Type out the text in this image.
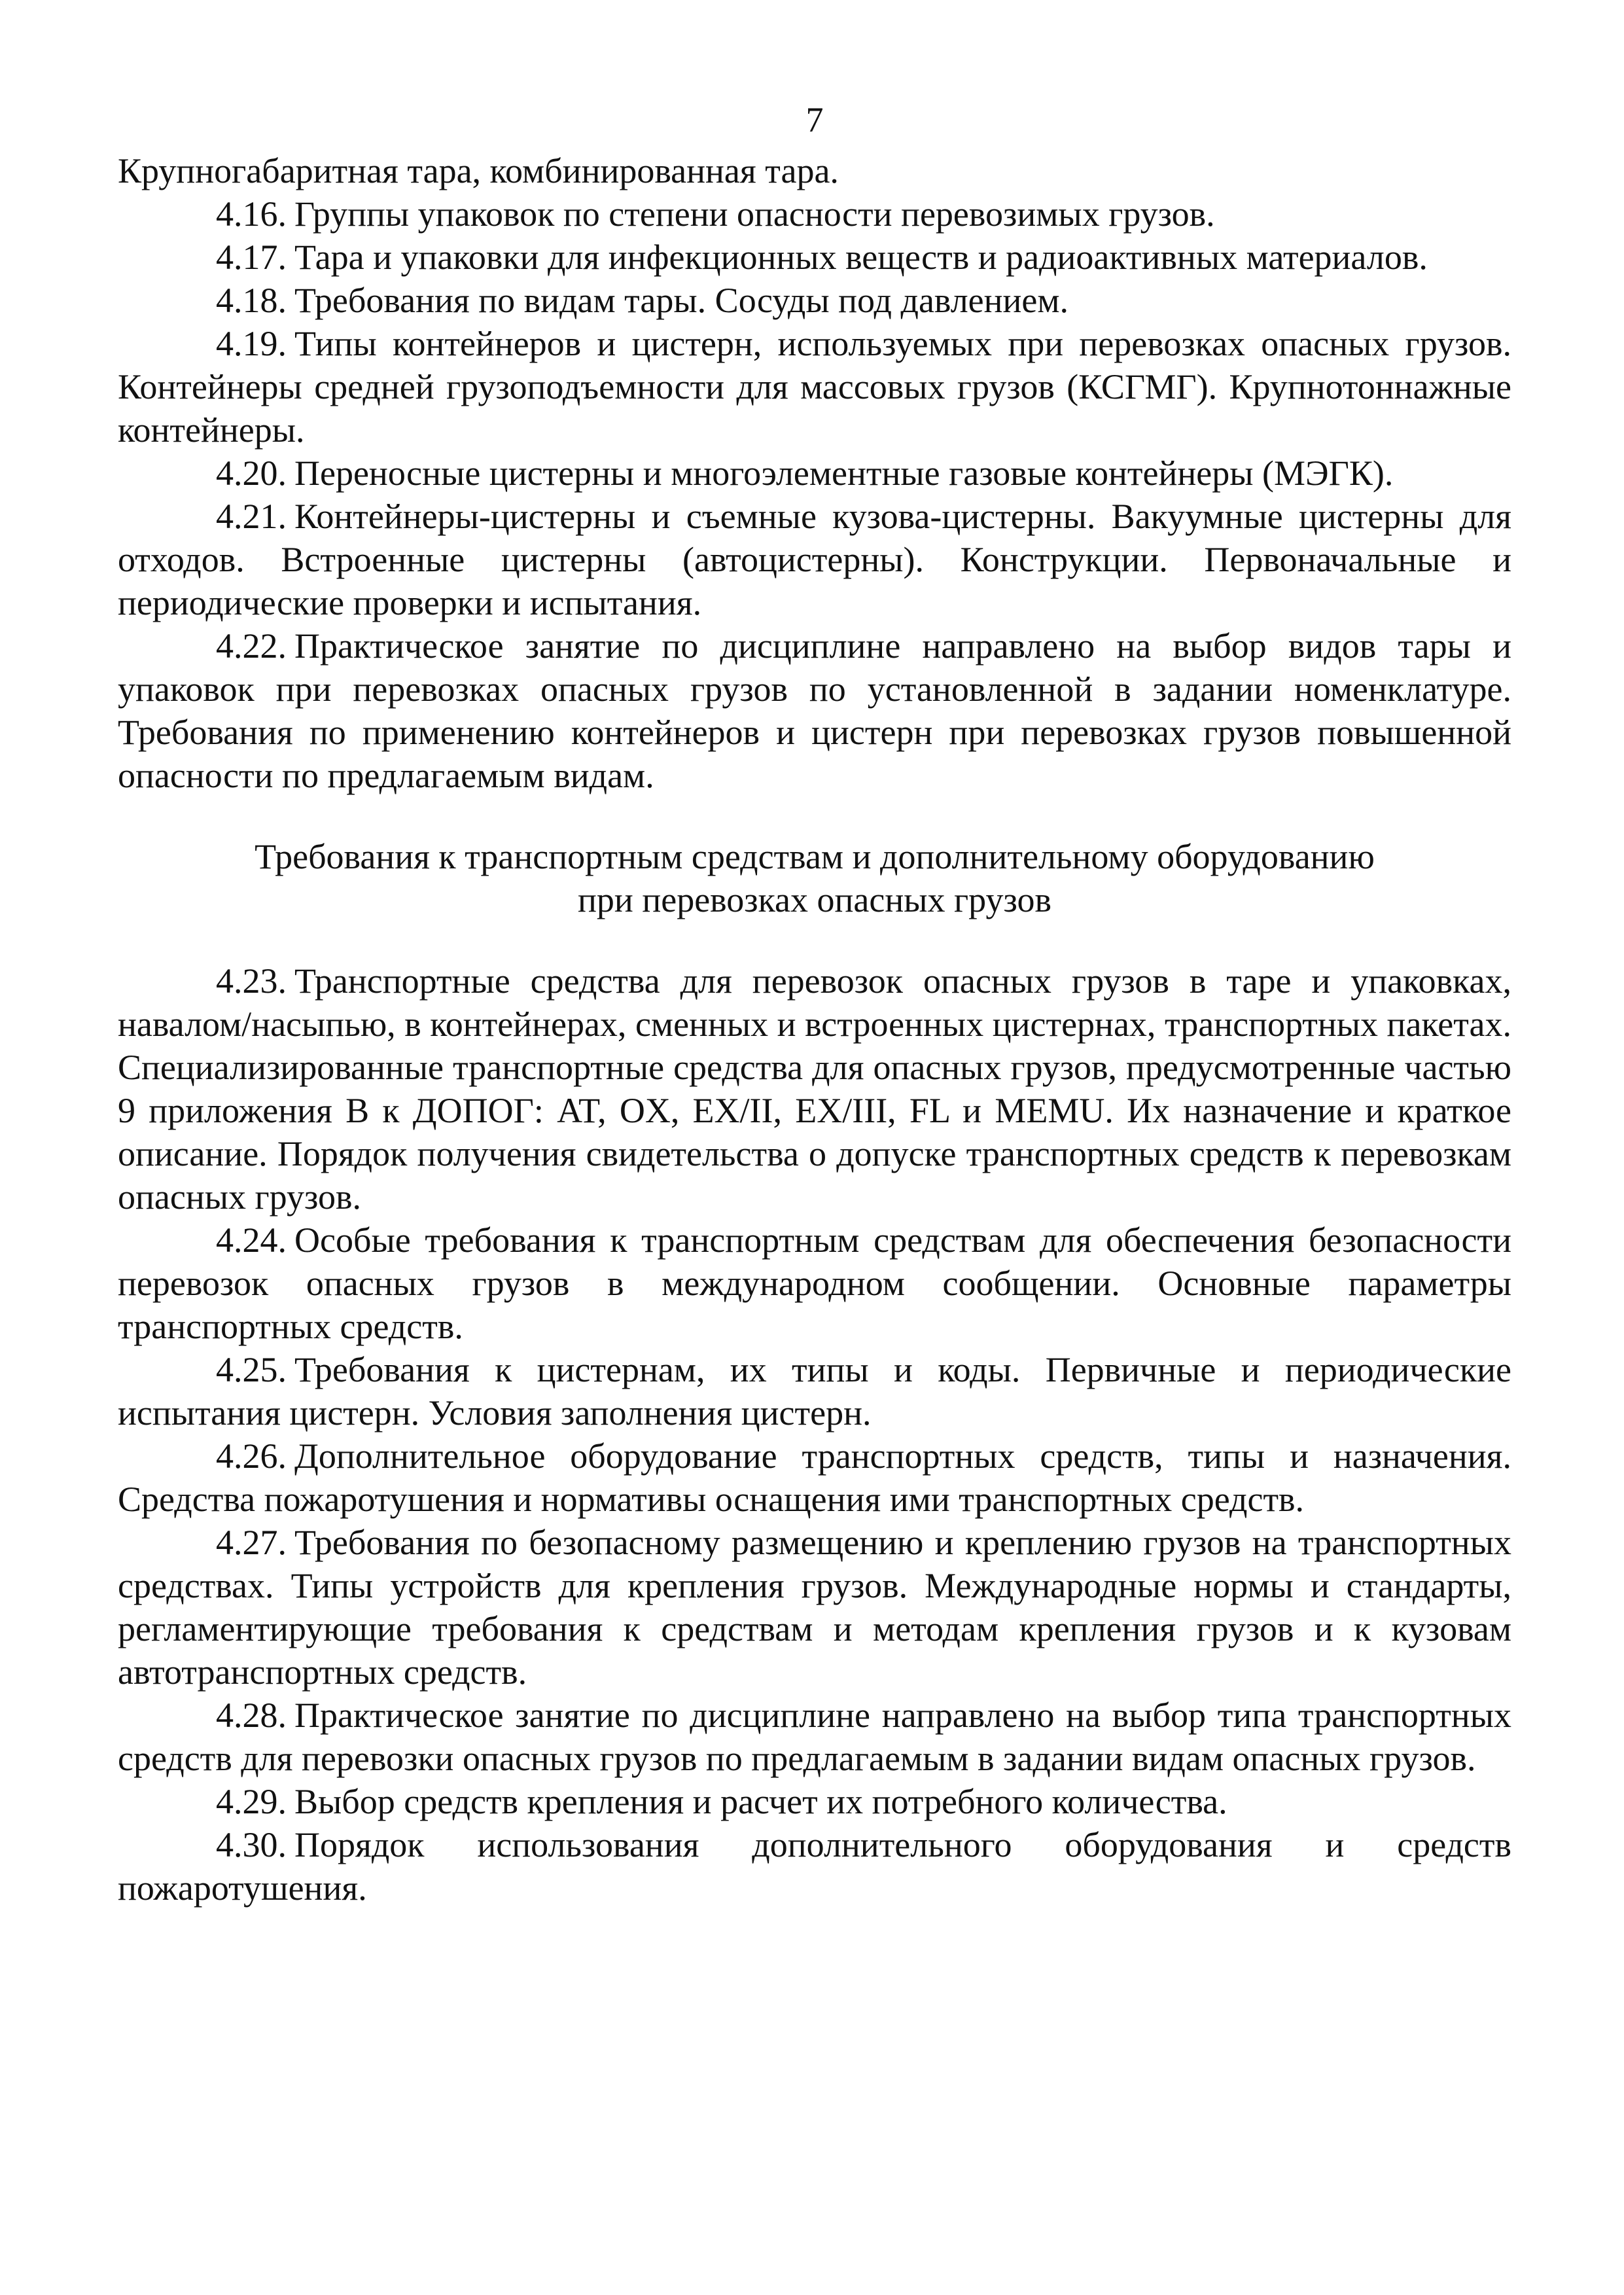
7

Крупногабаритная тара, комбинированная тара.

4.16. Группы упаковок по степени опасности перевозимых грузов.

4.17. Тара и упаковки для инфекционных веществ и радиоактивных материалов.

4.18. Требования по видам тары. Сосуды под давлением.

4.19. Типы контейнеров и цистерн, используемых при перевозках опасных грузов. Контейнеры средней грузоподъемности для массовых грузов (КСГМГ). Крупнотоннажные контейнеры.

4.20. Переносные цистерны и многоэлементные газовые контейнеры (МЭГК).

4.21. Контейнеры-цистерны и съемные кузова-цистерны. Вакуумные цистерны для отходов. Встроенные цистерны (автоцистерны). Конструкции. Первоначальные и периодические проверки и испытания.

4.22. Практическое занятие по дисциплине направлено на выбор видов тары и упаковок при перевозках опасных грузов по установленной в задании номенклатуре. Требования по применению контейнеров и цистерн при перевозках грузов повышенной опасности по предлагаемым видам.

Требования к транспортным средствам и дополнительному оборудованию
при перевозках опасных грузов

4.23. Транспортные средства для перевозок опасных грузов в таре и упаковках, навалом/насыпью, в контейнерах, сменных и встроенных цистернах, транспортных пакетах. Специализированные транспортные средства для опасных грузов, предусмотренные частью 9 приложения В к ДОПОГ: AT, OX, EX/II, EX/III, FL и MEMU. Их назначение и краткое описание. Порядок получения свидетельства о допуске транспортных средств к перевозкам опасных грузов.

4.24. Особые требования к транспортным средствам для обеспечения безопасности перевозок опасных грузов в международном сообщении. Основные параметры транспортных средств.

4.25. Требования к цистернам, их типы и коды. Первичные и периодические испытания цистерн. Условия заполнения цистерн.

4.26. Дополнительное оборудование транспортных средств, типы и назначения. Средства пожаротушения и нормативы оснащения ими транспортных средств.

4.27. Требования по безопасному размещению и креплению грузов на транспортных средствах. Типы устройств для крепления грузов. Международные нормы и стандарты, регламентирующие требования к средствам и методам крепления грузов и к кузовам автотранспортных средств.

4.28. Практическое занятие по дисциплине направлено на выбор типа транспортных средств для перевозки опасных грузов по предлагаемым в задании видам опасных грузов.

4.29. Выбор средств крепления и расчет их потребного количества.

4.30. Порядок использования дополнительного оборудования и средств пожаротушения.
